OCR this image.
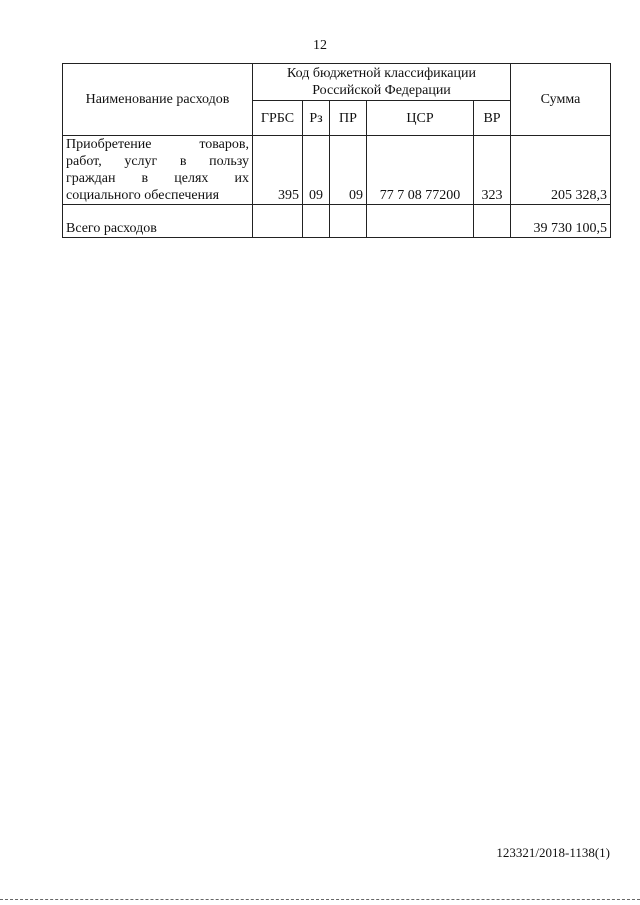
12
Наименование расходов	Код бюджетной классификации Российской Федерации					Сумма
	ГРБС	Рз	ПР	ЦСР	ВР	

Приобретение товаров,
работ, услуг в пользу
граждан в целях их
социального обеспечения	395	09	09	77 7 08 77200	323	205 328,3
Всего расходов						39 730 100,5
123321/2018-1138(1)
